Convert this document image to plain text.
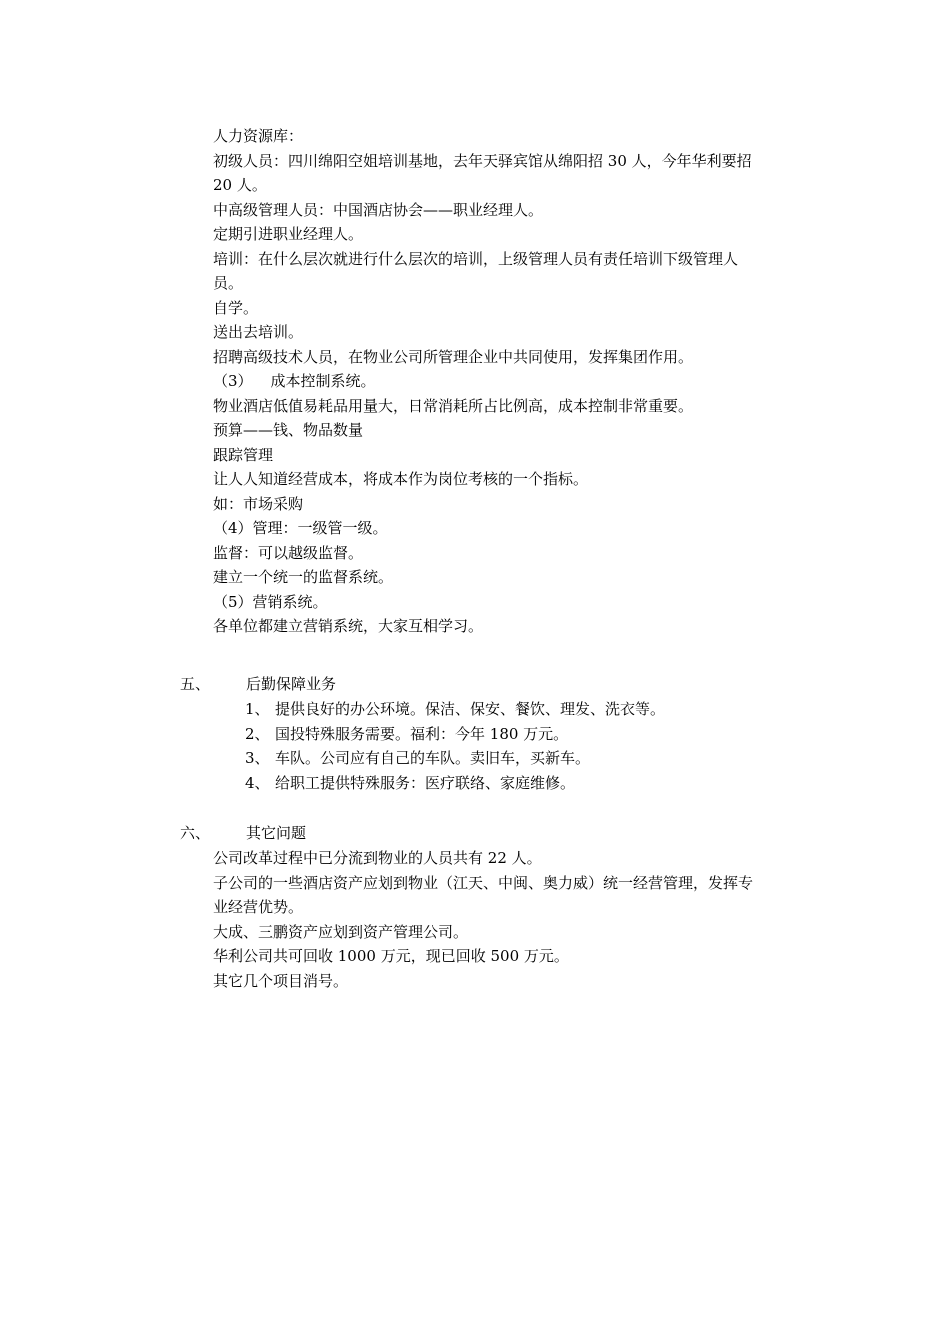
人力资源库：
初级人员：四川绵阳空姐培训基地，去年天驿宾馆从绵阳招 30 人，今年华利要招
20 人。
中高级管理人员：中国酒店协会——职业经理人。
定期引进职业经理人。
培训：在什么层次就进行什么层次的培训，上级管理人员有责任培训下级管理人
员。
自学。
送出去培训。
招聘高级技术人员，在物业公司所管理企业中共同使用，发挥集团作用。
（3） 成本控制系统。
物业酒店低值易耗品用量大，日常消耗所占比例高，成本控制非常重要。
预算——钱、物品数量
跟踪管理
让人人知道经营成本，将成本作为岗位考核的一个指标。
如：市场采购
（4）管理：一级管一级。
监督：可以越级监督。
建立一个统一的监督系统。
（5）营销系统。
各单位都建立营销系统，大家互相学习。
五、 后勤保障业务
1、 提供良好的办公环境。保洁、保安、餐饮、理发、洗衣等。
2、 国投特殊服务需要。福利：今年 180 万元。
3、 车队。公司应有自己的车队。卖旧车，买新车。
4、 给职工提供特殊服务：医疗联络、家庭维修。
六、 其它问题
公司改革过程中已分流到物业的人员共有 22 人。
子公司的一些酒店资产应划到物业（江天、中闽、奥力威）统一经营管理，发挥专
业经营优势。
大成、三鹏资产应划到资产管理公司。
华利公司共可回收 1000 万元，现已回收 500 万元。
其它几个项目消号。
